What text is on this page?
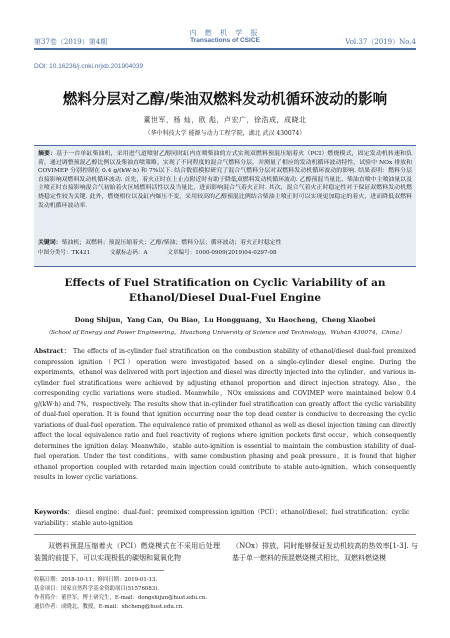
内 燃 机 学 报
第37卷（2019）第4期	Transactions of CSICE	Vol.37（2019）No.4
DOI: 10.16236/j.cnki.nrjxb.201904039
燃料分层对乙醇/柴油双燃料发动机循环波动的影响
董世军，杨 灿，欧 彪，卢宏广，徐浩成，成晓北
（华中科技大学 能源与动力工程学院，湖北 武汉 430074）
摘要：基于一台单缸柴油机，采用进气道喷射乙醇同时缸内直喷柴油的方式实现双燃料预混压缩着火（PCI）燃烧模式，固定发动机转速和负荷，通过调整预混乙醇比例以及柴油直喷策略，实现了不同程度的混合气燃料分层，并测量了相应的发动机循环波动特性，试验中 NOx 排放和 COVIMEP 分别控制在 0.4 g/(kW·h) 和 7%以下. 结合数值模拟研究了混合气燃料分层对双燃料发动机循环波动的影响. 结果表明：燃料分层直接影响双燃料发动机循环波动. 首先，着火正时在上止点附近时有助于降低双燃料发动机循环波动. 乙醇预混当量比、柴油直喷中主喷油量以及主喷正时直接影响混合气初始着火区域燃料活性以及当量比，进而影响混合气着火正时. 其次，混合气着火正时稳定性对于保证双燃料发动机燃烧稳定性较为关键. 此外，燃烧相位以及缸内爆压不变，采用较高的乙醇预混比例结合柴油主喷正时可以实现更加稳定的着火，进而降低双燃料发动机循环波动率.
关键词：柴油机；双燃料；预混压缩着火；乙醇/柴油；燃料分层；循环波动；着火正时稳定性
中图分类号：TK421	文献标志码：A	文章编号：1000-0909(2019)04-0297-08
Effects of Fuel Stratification on Cyclic Variability of an Ethanol/Diesel Dual-Fuel Engine
Dong Shijun，Yang Can，Ou Biao，Lu Hongguang，Xu Haocheng，Cheng Xiaobei
（School of Energy and Power Engineering，Huazhong University of Science and Technology，Wuhan 430074，China）
Abstract： The effects of in-cylinder fuel stratification on the combustion stability of ethanol/diesel dual-fuel premixed compression ignition（PCI）operation were investigated based on a single-cylinder diesel engine. During the experiments，ethanol was delivered with port injection and diesel was directly injected into the cylinder，and various in-cylinder fuel stratifications were achieved by adjusting ethanol proportion and direct injection strategy. Also，the corresponding cyclic variations were studied. Meanwhile，NOx emissions and COVIMEP were maintained below 0.4 g/(kW·h) and 7%，respectively. The results show that in-cylinder fuel stratification can greatly affect the cyclic variability of dual-fuel operation. It is found that ignition occurring near the top dead center is conducive to decreasing the cyclic variations of dual-fuel operation. The equivalence ratio of premixed ethanol as well as diesel injection timing can directly affect the local equivalence ratio and fuel reactivity of regions where ignition pockets first occur，which consequently determines the ignition delay. Meanwhile，stable auto-ignition is essential to maintain the combustion stability of dual-fuel operation. Under the test conditions，with same combustion phasing and peak pressure，it is found that higher ethanol proportion coupled with retarded main injection could contribute to stable auto-ignition，which consequently results in lower cyclic variations.
Keywords： diesel engine；dual-fuel；premixed compression ignition（PCI）；ethanol/diesel；fuel stratification；cyclic variability；stable auto-ignition
双燃料预混压缩着火（PCI）燃烧模式在不采用后处理装置的前提下，可以实现极低的碳烟和氮氧化物
（NOx）排放，同时能够保证发动机较高的热效率[1-3]. 与基于单一燃料的预混燃烧模式相比，双燃料燃烧模
收稿日期：2018-10-11；修回日期：2019-01-13.
基金项目：国家自然科学基金资助项目(51576083).
作者简介：董世军，博士研究生，E-mail：dongshijun@hust.edu.cn.
通信作者：成晓北，教授，E-mail：xbcheng@hust.edu.cn.
